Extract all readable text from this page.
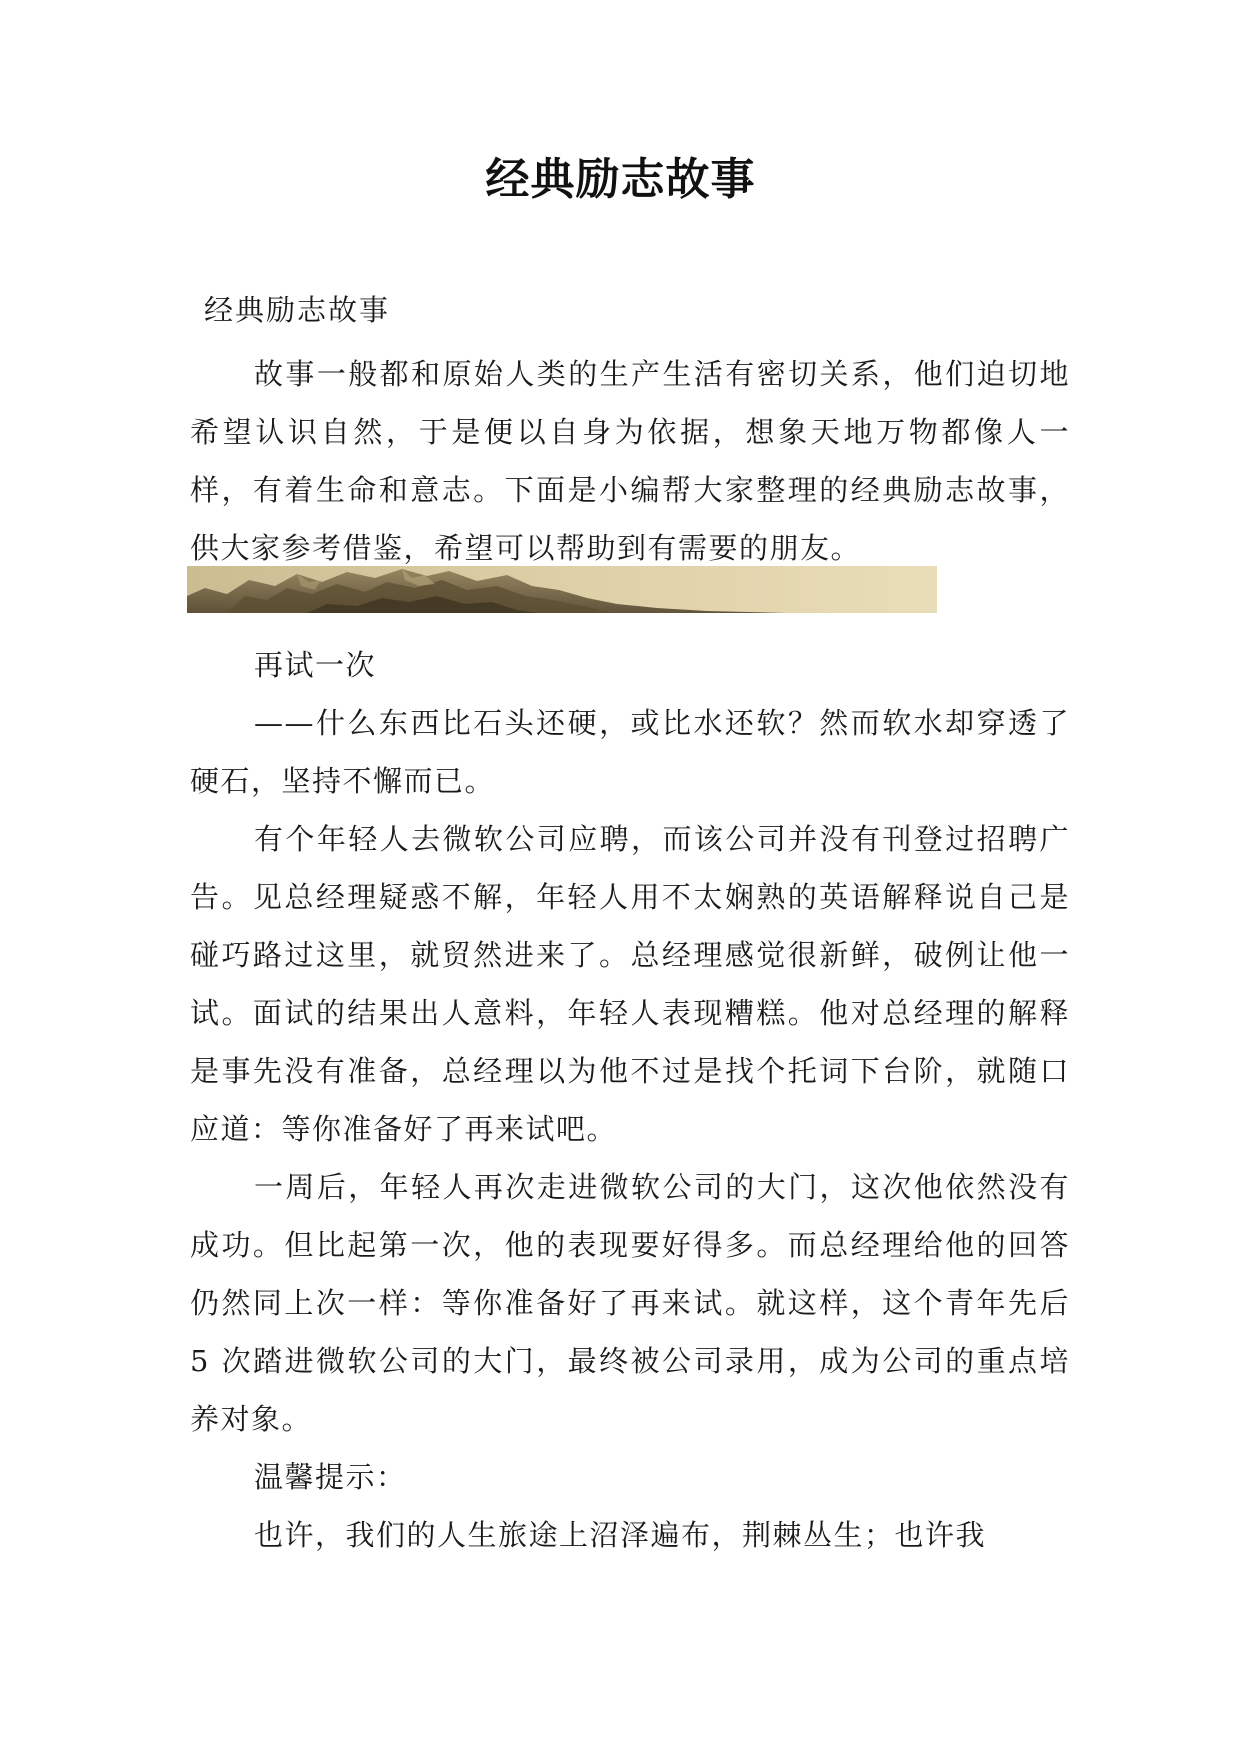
经典励志故事

经典励志故事

故事一般都和原始人类的生产生活有密切关系，他们迫切地希望认识自然，于是便以自身为依据，想象天地万物都像人一样，有着生命和意志。下面是小编帮大家整理的经典励志故事，供大家参考借鉴，希望可以帮助到有需要的朋友。

再试一次

——什么东西比石头还硬，或比水还软？然而软水却穿透了硬石，坚持不懈而已。

有个年轻人去微软公司应聘，而该公司并没有刊登过招聘广告。见总经理疑惑不解，年轻人用不太娴熟的英语解释说自己是碰巧路过这里，就贸然进来了。总经理感觉很新鲜，破例让他一试。面试的结果出人意料，年轻人表现糟糕。他对总经理的解释是事先没有准备，总经理以为他不过是找个托词下台阶，就随口应道：等你准备好了再来试吧。

一周后，年轻人再次走进微软公司的大门，这次他依然没有成功。但比起第一次，他的表现要好得多。而总经理给他的回答仍然同上次一样：等你准备好了再来试。就这样，这个青年先后 5 次踏进微软公司的大门，最终被公司录用，成为公司的重点培养对象。

温馨提示：

也许，我们的人生旅途上沼泽遍布，荆棘丛生；也许我
